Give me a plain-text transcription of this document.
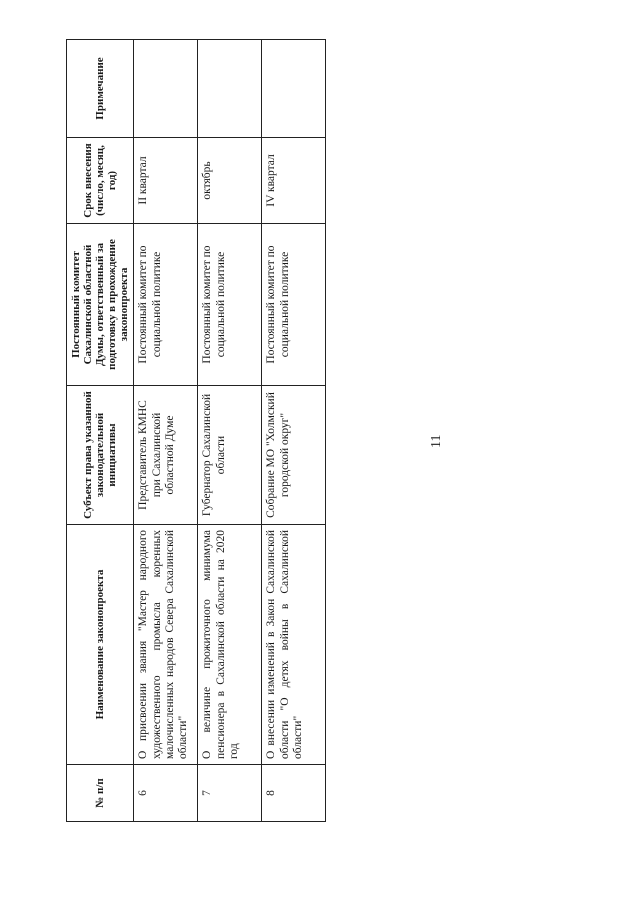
11
№ п/п	Наименование законопроекта	Субъект права указанной законодательной инициативы	Постоянный комитет Сахалинской областной Думы, ответственный за подготовку в прохождение законопроекта	Срок внесения (число, месяц, год)	Примечание
6	О присвоении звания "Мастер народного художественного промысла коренных малочисленных народов Севера Сахалинской области"	Представитель КМНС при Сахалинской областной Думе	Постоянный комитет по социальной политике	II квартал	
7	О величине прожиточного минимума пенсионера в Сахалинской области на 2020 год	Губернатор Сахалинской области	Постоянный комитет по социальной политике	октябрь	
8	О внесении изменений в Закон Сахалинской области "О детях войны в Сахалинской области"	Собрание МО "Холмский городской округ"	Постоянный комитет по социальной политике	IV квартал	
